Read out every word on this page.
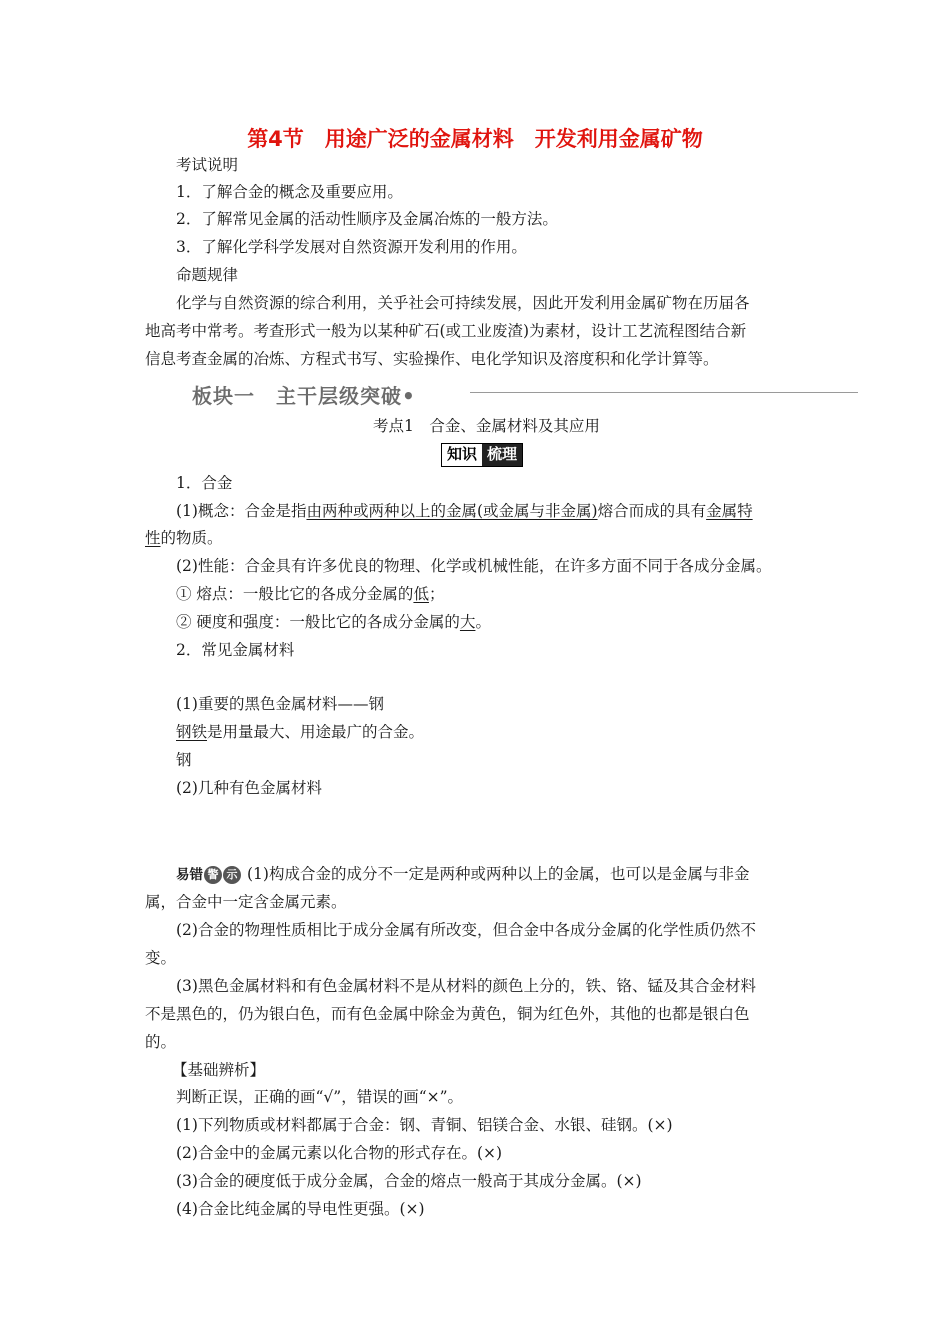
第4节　用途广泛的金属材料　开发利用金属矿物
考试说明
1．了解合金的概念及重要应用。
2．了解常见金属的活动性顺序及金属冶炼的一般方法。
3．了解化学科学发展对自然资源开发利用的作用。
命题规律
化学与自然资源的综合利用，关乎社会可持续发展，因此开发利用金属矿物在历届各
地高考中常考。考查形式一般为以某种矿石(或工业废渣)为素材，设计工艺流程图结合新
信息考查金属的冶炼、方程式书写、实验操作、电化学知识及溶度积和化学计算等。
板块一　主干层级突破•
考点1　合金、金属材料及其应用
知识 梳理
1．合金
(1)概念：合金是指由两种或两种以上的金属(或金属与非金属)熔合而成的具有金属特
性的物质。
(2)性能：合金具有许多优良的物理、化学或机械性能，在许多方面不同于各成分金属。
① 熔点：一般比它的各成分金属的低；
② 硬度和强度：一般比它的各成分金属的大。
2．常见金属材料
(1)重要的黑色金属材料——钢
钢铁是用量最大、用途最广的合金。
钢
(2)几种有色金属材料
易错 警 示 (1)构成合金的成分不一定是两种或两种以上的金属，也可以是金属与非金
属，合金中一定含金属元素。
(2)合金的物理性质相比于成分金属有所改变，但合金中各成分金属的化学性质仍然不
变。
(3)黑色金属材料和有色金属材料不是从材料的颜色上分的，铁、铬、锰及其合金材料
不是黑色的，仍为银白色，而有色金属中除金为黄色，铜为红色外，其他的也都是银白色
的。
【基础辨析】
判断正误，正确的画“√”，错误的画“×”。
(1)下列物质或材料都属于合金：钢、青铜、铝镁合金、水银、硅钢。(×)
(2)合金中的金属元素以化合物的形式存在。(×)
(3)合金的硬度低于成分金属，合金的熔点一般高于其成分金属。(×)
(4)合金比纯金属的导电性更强。(×)
